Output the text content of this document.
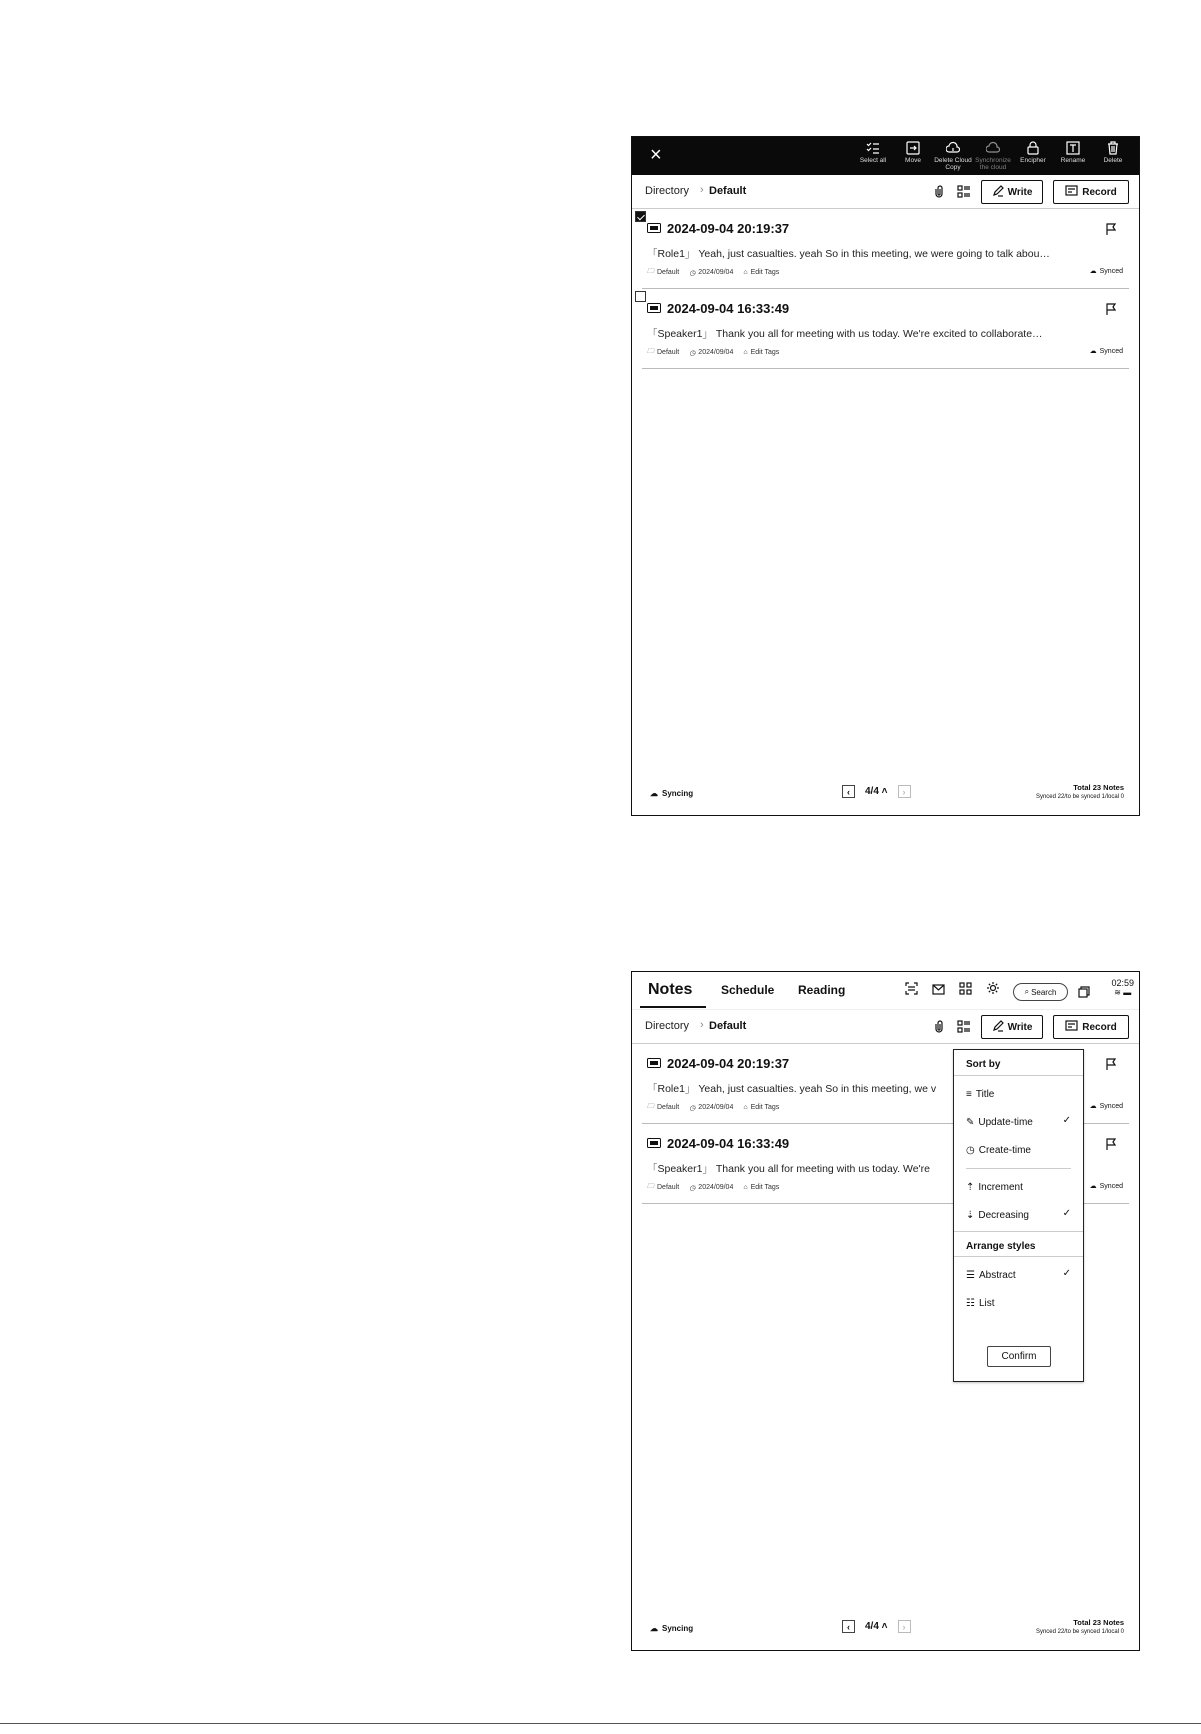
×	Select all	Move	Delete Cloud Copy
Synchronize the cloud
Encipher	Rename	Delete
Directory › Default	Write	Record
2024-09-04 20:19:37
「Role1」 Yeah, just casualties. yeah So in this meeting, we were going to talk abou…
🗀 Default ◷ 2024/09/04 ⌂ Edit Tags	☁ Synced
2024-09-04 16:33:49
「Speaker1」 Thank you all for meeting with us today. We're excited to collaborate…
🗀 Default ◷ 2024/09/04 ⌂ Edit Tags	☁ Synced
☁ Syncing	‹	4/4 ˄	›	Total 23 Notes
Synced 22/to be synced 1/local 0
Notes Schedule Reading	⌕ Search
02:59
≋ ▬
Directory › Default	Write	Record
2024-09-04 20:19:37
「Role1」 Yeah, just casualties. yeah So in this meeting, we v
🗀 Default ◷ 2024/09/04 ⌂ Edit Tags	☁ Synced
2024-09-04 16:33:49
「Speaker1」 Thank you all for meeting with us today. We're
🗀 Default ◷ 2024/09/04 ⌂ Edit Tags	☁ Synced
Sort by
≡ Title
✎ Update-time	✓
◷ Create-time
⇡ Increment
⇣ Decreasing	✓
Arrange styles
☰ Abstract	✓
☷ List
Confirm
☁ Syncing	‹	4/4 ˄	›	Total 23 Notes
Synced 22/to be synced 1/local 0
